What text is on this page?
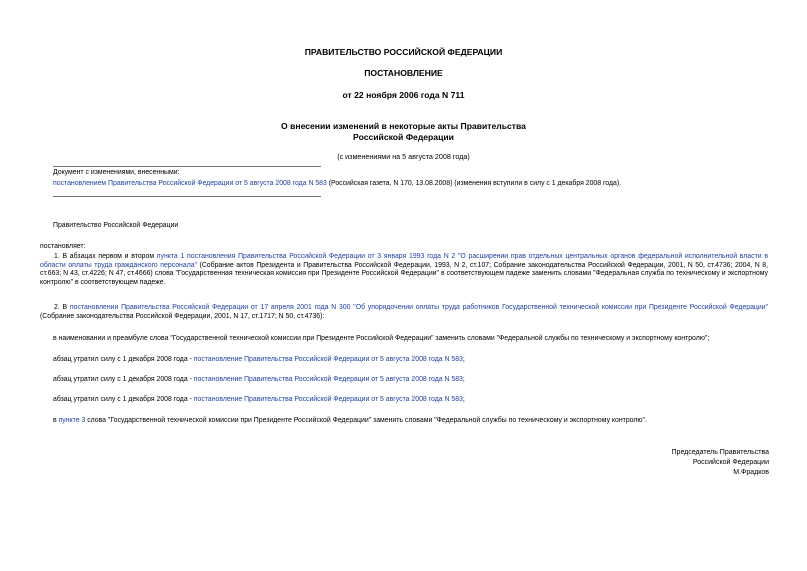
ПРАВИТЕЛЬСТВО РОССИЙСКОЙ ФЕДЕРАЦИИ
ПОСТАНОВЛЕНИЕ
от 22 ноября 2006 года N 711
О внесении изменений в некоторые акты Правительства
Российской Федерации
(с изменениями на 5 августа 2008 года)
Документ с изменениями, внесенными:
постановлением Правительства Российской Федерации от 5 августа 2008 года N 583 (Российская газета, N 170, 13.08.2008) (изменения вступили в силу с 1 декабря 2008 года).
Правительство Российской Федерации
постановляет:
1. В абзацах первом и втором пункта 1 постановления Правительства Российской Федерации от 3 января 1993 года N 2 "О расширении прав отдельных центральных органов федеральной исполнительной власти в области оплаты труда гражданского персонала" (Собрание актов Президента и Правительства Российской Федерации, 1993, N 2, ст.107; Собрание законодательства Российской Федерации, 2001, N 50, ст.4736; 2004, N 8, ст.663; N 43, ст.4226; N 47, ст.4666) слова "Государственная техническая комиссия при Президенте Российской Федерации" в соответствующем падеже заменить словами "Федеральная служба по техническому и экспортному контролю" в соответствующем падеже.
2. В постановлении Правительства Российской Федерации от 17 апреля 2001 года N 300 "Об упорядочении оплаты труда работников Государственной технической комиссии при Президенте Российской Федерации" (Собрание законодательства Российской Федерации, 2001, N 17, ст.1717; N 50, ст.4736):
в наименовании и преамбуле слова "Государственной технической комиссии при Президенте Российской Федерации" заменить словами "Федеральной службы по техническому и экспортному контролю";
абзац утратил силу с 1 декабря 2008 года - постановление Правительства Российской Федерации от 5 августа 2008 года N 583;
абзац утратил силу с 1 декабря 2008 года - постановление Правительства Российской Федерации от 5 августа 2008 года N 583;
абзац утратил силу с 1 декабря 2008 года - постановление Правительства Российской Федерации от 5 августа 2008 года N 583;
в пункте 3 слова "Государственной технической комиссии при Президенте Российской Федерации" заменить словами "Федеральной службы по техническому и экспортному контролю".
Председатель Правительства
Российской Федерации
М.Фрадков
